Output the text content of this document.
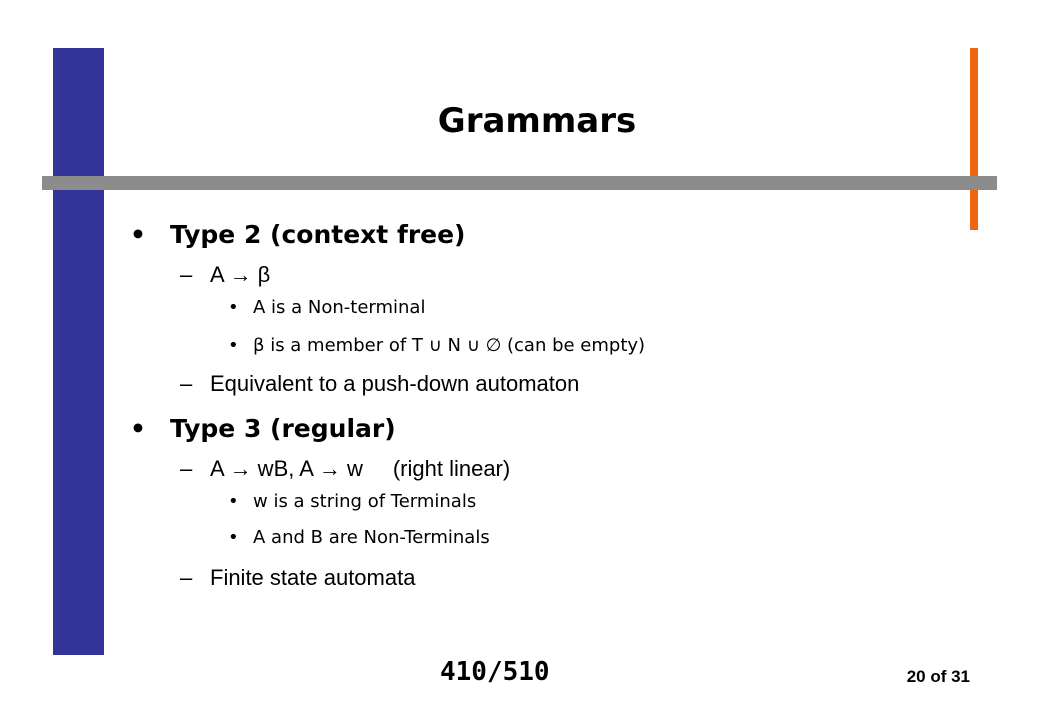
Grammars
• Type 2 (context free)
– A → β
• A is a Non-terminal
• β is a member of T ∪ N ∪ ∅ (can be empty)
– Equivalent to a push-down automaton
• Type 3 (regular)
– A → wB, A → w (right linear)
• w is a string of Terminals
• A and B are Non-Terminals
– Finite state automata
410/510	20 of 31
